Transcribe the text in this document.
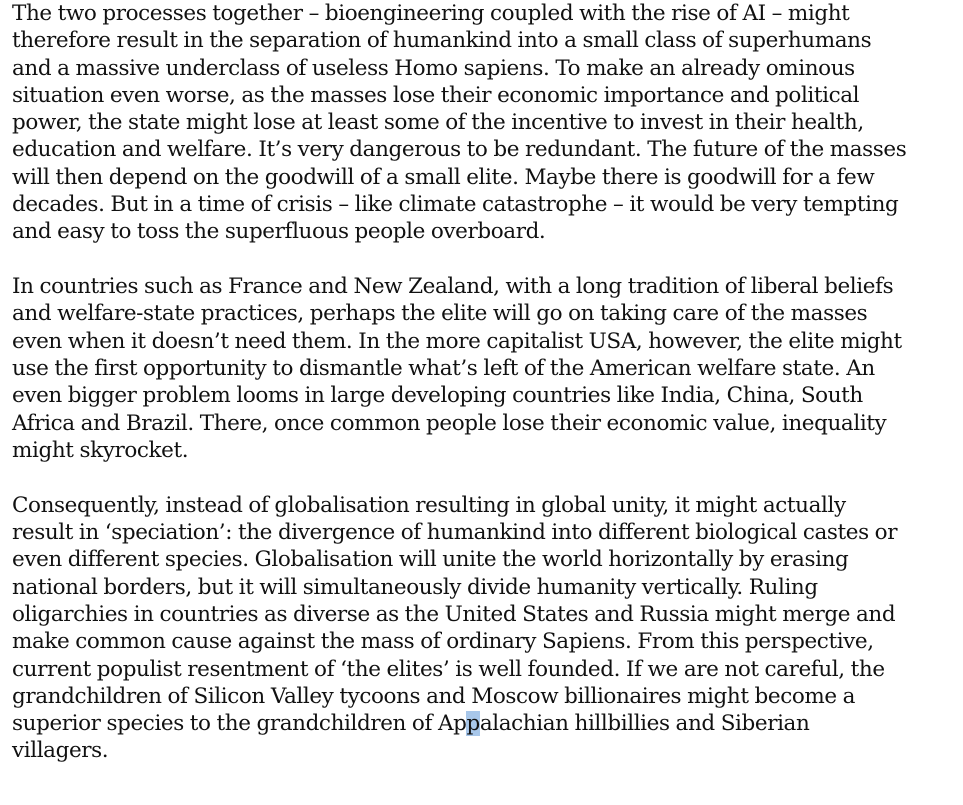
The two processes together – bioengineering coupled with the rise of AI – might
therefore result in the separation of humankind into a small class of superhumans
and a massive underclass of useless Homo sapiens. To make an already ominous
situation even worse, as the masses lose their economic importance and political
power, the state might lose at least some of the incentive to invest in their health,
education and welfare. It’s very dangerous to be redundant. The future of the masses
will then depend on the goodwill of a small elite. Maybe there is goodwill for a few
decades. But in a time of crisis – like climate catastrophe – it would be very tempting
and easy to toss the superfluous people overboard.

In countries such as France and New Zealand, with a long tradition of liberal beliefs
and welfare-state practices, perhaps the elite will go on taking care of the masses
even when it doesn’t need them. In the more capitalist USA, however, the elite might
use the first opportunity to dismantle what’s left of the American welfare state. An
even bigger problem looms in large developing countries like India, China, South
Africa and Brazil. There, once common people lose their economic value, inequality
might skyrocket.

Consequently, instead of globalisation resulting in global unity, it might actually
result in ‘speciation’: the divergence of humankind into different biological castes or
even different species. Globalisation will unite the world horizontally by erasing
national borders, but it will simultaneously divide humanity vertically. Ruling
oligarchies in countries as diverse as the United States and Russia might merge and
make common cause against the mass of ordinary Sapiens. From this perspective,
current populist resentment of ‘the elites’ is well founded. If we are not careful, the
grandchildren of Silicon Valley tycoons and Moscow billionaires might become a
superior species to the grandchildren of Appalachian hillbillies and Siberian
villagers.
